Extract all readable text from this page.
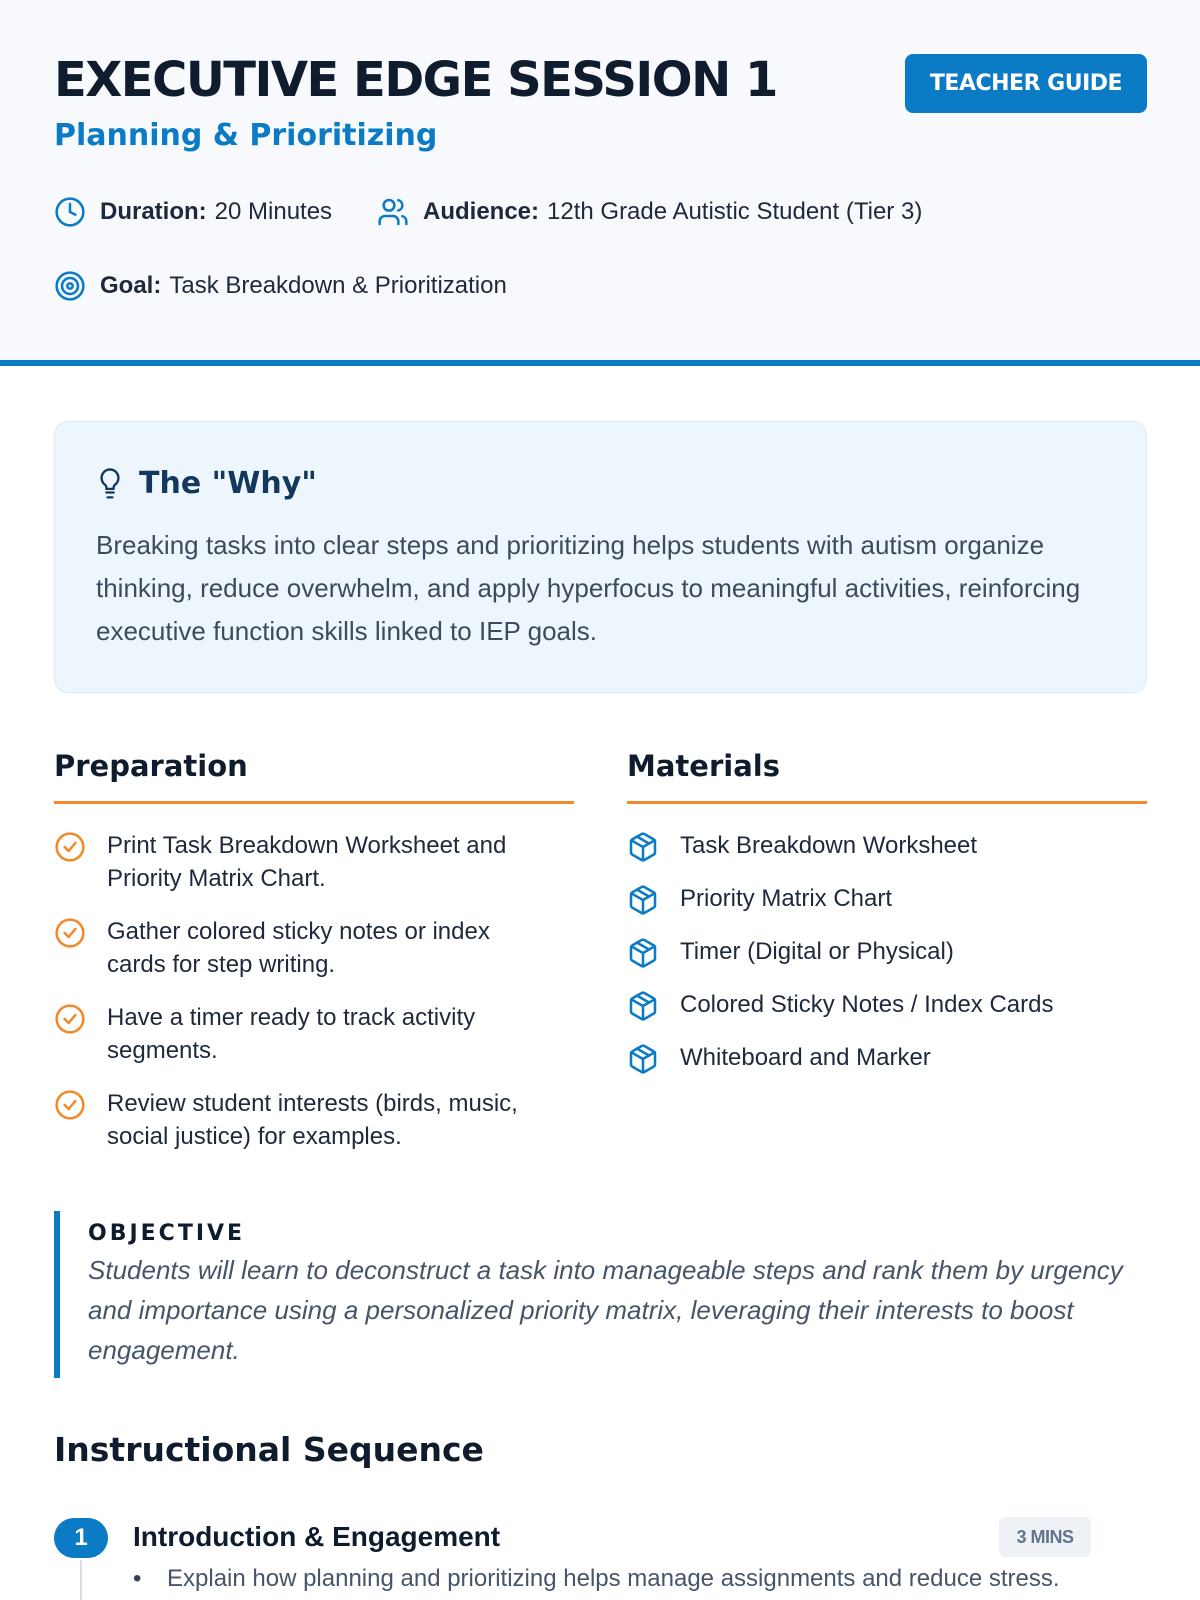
EXECUTIVE EDGE SESSION 1
Planning & Prioritizing
TEACHER GUIDE
Duration: 20 Minutes	Audience: 12th Grade Autistic Student (Tier 3)
Goal: Task Breakdown & Prioritization
The "Why"

Breaking tasks into clear steps and prioritizing helps students with autism organize thinking, reduce overwhelm, and apply hyperfocus to meaningful activities, reinforcing executive function skills linked to IEP goals.

Preparation
Print Task Breakdown Worksheet and Priority Matrix Chart.
Gather colored sticky notes or index cards for step writing.
Have a timer ready to track activity segments.
Review student interests (birds, music, social justice) for examples.
Materials
Task Breakdown Worksheet
Priority Matrix Chart
Timer (Digital or Physical)
Colored Sticky Notes / Index Cards
Whiteboard and Marker
OBJECTIVE

Students will learn to deconstruct a task into manageable steps and rank them by urgency and importance using a personalized priority matrix, leveraging their interests to boost engagement.

Instructional Sequence
1	Introduction & Engagement	3 MINS
• Explain how planning and prioritizing helps manage assignments and reduce stress.
